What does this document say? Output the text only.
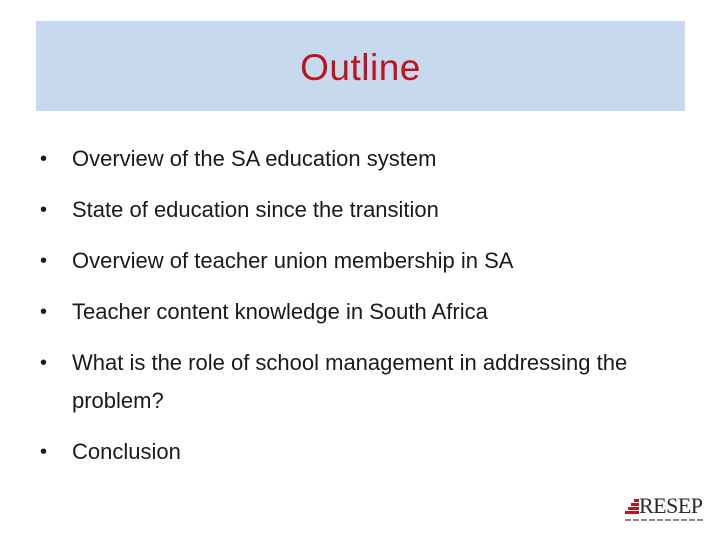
Outline
•	Overview of the SA education system
•	State of education since the transition
•	Overview of teacher union membership in SA
•	Teacher content knowledge in South Africa
•	What is the role of school management in addressing the problem?
•	Conclusion
RESEP
